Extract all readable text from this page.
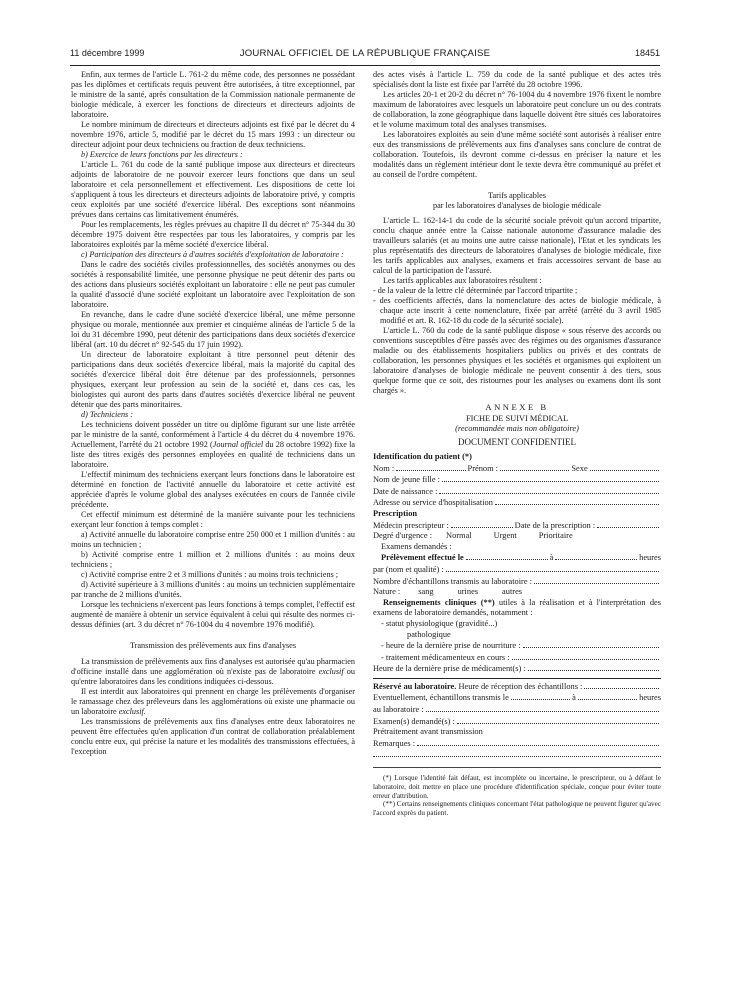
11 décembre 1999	JOURNAL OFFICIEL DE LA RÉPUBLIQUE FRANÇAISE	18451

Enfin, aux termes de l'article L. 761-2 du même code, des personnes ne possédant pas les diplômes et certificats requis peuvent être autorisées, à titre exceptionnel, par le ministre de la santé, après consultation de la Commission nationale permanente de biologie médicale, à exercer les fonctions de directeurs et directeurs adjoints de laboratoire.

Le nombre minimum de directeurs et directeurs adjoints est fixé par le décret du 4 novembre 1976, article 5, modifié par le décret du 15 mars 1993 : un directeur ou directeur adjoint pour deux techniciens ou fraction de deux techniciens.

b) Exercice de leurs fonctions par les directeurs :

L'article L. 761 du code de la santé publique impose aux directeurs et directeurs adjoints de laboratoire de ne pouvoir exercer leurs fonctions que dans un seul laboratoire et cela personnellement et effectivement. Les dispositions de cette loi s'appliquent à tous les directeurs et directeurs adjoints de laboratoire privé, y compris ceux exploités par une société d'exercice libéral. Des exceptions sont néanmoins prévues dans certains cas limitativement énumérés.

Pour les remplacements, les règles prévues au chapitre II du décret n° 75-344 du 30 décembre 1975 doivent être respectées par tous les laboratoires, y compris par les laboratoires exploités par la même société d'exercice libéral.

c) Participation des directeurs à d'autres sociétés d'exploitation de laboratoire :

Dans le cadre des sociétés civiles professionnelles, des sociétés anonymes ou des sociétés à responsabilité limitée, une personne physique ne peut détenir des parts ou des actions dans plusieurs sociétés exploitant un laboratoire : elle ne peut pas cumuler la qualité d'associé d'une société exploitant un laboratoire avec l'exploitation de son laboratoire.

En revanche, dans le cadre d'une société d'exercice libéral, une même personne physique ou morale, mentionnée aux premier et cinquième alinéas de l'article 5 de la loi du 31 décembre 1990, peut détenir des participations dans deux sociétés d'exercice libéral (art. 10 du décret n° 92-545 du 17 juin 1992).

Un directeur de laboratoire exploitant à titre personnel peut détenir des participations dans deux sociétés d'exercice libéral, mais la majorité du capital des sociétés d'exercice libéral doit être détenue par des professionnels, personnes physiques, exerçant leur profession au sein de la société et, dans ces cas, les biologistes qui auront des parts dans d'autres sociétés d'exercice libéral ne peuvent détenir que des parts minoritaires.

d) Techniciens :

Les techniciens doivent posséder un titre ou diplôme figurant sur une liste arrêtée par le ministre de la santé, conformément à l'article 4 du décret du 4 novembre 1976. Actuellement, l'arrêté du 21 octobre 1992 (Journal officiel du 28 octobre 1992) fixe la liste des titres exigés des personnes employées en qualité de techniciens dans un laboratoire.

L'effectif minimum des techniciens exerçant leurs fonctions dans le laboratoire est déterminé en fonction de l'activité annuelle du laboratoire et cette activité est appréciée d'après le volume global des analyses exécutées en cours de l'année civile précédente.

Cet effectif minimum est déterminé de la manière suivante pour les techniciens exerçant leur fonction à temps complet :

a) Activité annuelle du laboratoire comprise entre 250 000 et 1 million d'unités : au moins un technicien ;

b) Activité comprise entre 1 million et 2 millions d'unités : au moins deux techniciens ;

c) Activité comprise entre 2 et 3 millions d'unités : au moins trois techniciens ;

d) Activité supérieure à 3 millions d'unités : au moins un technicien supplémentaire par tranche de 2 millions d'unités.

Lorsque les techniciens n'exercent pas leurs fonctions à temps complet, l'effectif est augmenté de manière à obtenir un service équivalent à celui qui résulte des normes ci-dessus définies (art. 3 du décret n° 76-1004 du 4 novembre 1976 modifié).

Transmission des prélèvements aux fins d'analyses

La transmission de prélèvements aux fins d'analyses est autorisée qu'au pharmacien d'officine installé dans une agglomération où n'existe pas de laboratoire exclusif ou qu'entre laboratoires dans les conditions indiquées ci-dessous.

Il est interdit aux laboratoires qui prennent en charge les prélèvements d'organiser le ramassage chez des préleveurs dans les agglomérations où existe une pharmacie ou un laboratoire exclusif.

Les transmissions de prélèvements aux fins d'analyses entre deux laboratoires ne peuvent être effectuées qu'en application d'un contrat de collaboration préalablement conclu entre eux, qui précise la nature et les modalités des transmissions effectuées, à l'exception

des actes visés à l'article L. 759 du code de la santé publique et des actes très spécialisés dont la liste est fixée par l'arrêté du 28 octobre 1996.

Les articles 20-1 et 20-2 du décret n° 76-1004 du 4 novembre 1976 fixent le nombre maximum de laboratoires avec lesquels un laboratoire peut conclure un ou des contrats de collaboration, la zone géographique dans laquelle doivent être situés ces laboratoires et le volume maximum total des analyses transmises.

Les laboratoires exploités au sein d'une même société sont autorisés à réaliser entre eux des transmissions de prélèvements aux fins d'analyses sans conclure de contrat de collaboration. Toutefois, ils devront comme ci-dessus en préciser la nature et les modalités dans un règlement intérieur dont le texte devra être communiqué au préfet et au conseil de l'ordre compétent.

Tarifs applicables

par les laboratoires d'analyses de biologie médicale

L'article L. 162-14-1 du code de la sécurité sociale prévoit qu'un accord tripartite, conclu chaque année entre la Caisse nationale autonome d'assurance maladie des travailleurs salariés (et au moins une autre caisse nationale), l'Etat et les syndicats les plus représentatifs des directeurs de laboratoires d'analyses de biologie médicale, fixe les tarifs applicables aux analyses, examens et frais accessoires servant de base au calcul de la participation de l'assuré.

Les tarifs applicables aux laboratoires résultent :

- de la valeur de la lettre clé déterminée par l'accord tripartite ;

- des coefficients affectés, dans la nomenclature des actes de biologie médicale, à chaque acte inscrit à cette nomenclature, fixée par arrêté (arrêté du 3 avril 1985 modifié et art. R. 162-18 du code de la sécurité sociale).

L'article L. 760 du code de la santé publique dispose « sous réserve des accords ou conventions susceptibles d'être passés avec des régimes ou des organismes d'assurance maladie ou des établissements hospitaliers publics ou privés et des contrats de collaboration, les personnes physiques et les sociétés et organismes qui exploitent un laboratoire d'analyses de biologie médicale ne peuvent consentir à des tiers, sous quelque forme que ce soit, des ristournes pour les analyses ou examens dont ils sont chargés ».

ANNEXE B
FICHE DE SUIVI MÉDICAL
(recommandée mais non obligatoire)
DOCUMENT CONFIDENTIEL
Identification du patient (*)
Nom :	Prénom :	Sexe
Nom de jeune fille :
Date de naissance :
Adresse ou service d'hospitalisation
Prescription
Médecin prescripteur :	Date de la prescription :
Degré d'urgence : Normal	Urgent	Prioritaire
Examens demandés :
Prélèvement effectué le	à	heures
par (nom et qualité) :
Nombre d'échantillons transmis au laboratoire :
Nature : sang	urines	autres

Renseignements cliniques (**) utiles à la réalisation et à l'interprétation des examens de laboratoire demandés, notamment :

- statut physiologique (gravidité...)
pathologique
- heure de la dernière prise de nourriture :
- traitement médicamenteux en cours :
Heure de la dernière prise de médicament(s) :
Réservé au laboratoire. Heure de réception des échantillons :
Eventuellement, échantillons transmis le	à	heures
au laboratoire :
Examen(s) demandé(s) :
Prétraitement avant transmission
Remarques :

(*) Lorsque l'identité fait défaut, est incomplète ou incertaine, le prescripteur, ou à défaut le laboratoire, doit mettre en place une procédure d'identification spéciale, conçue pour éviter toute erreur d'attribution.

(**) Certains renseignements cliniques concernant l'état pathologique ne peuvent figurer qu'avec l'accord exprès du patient.
